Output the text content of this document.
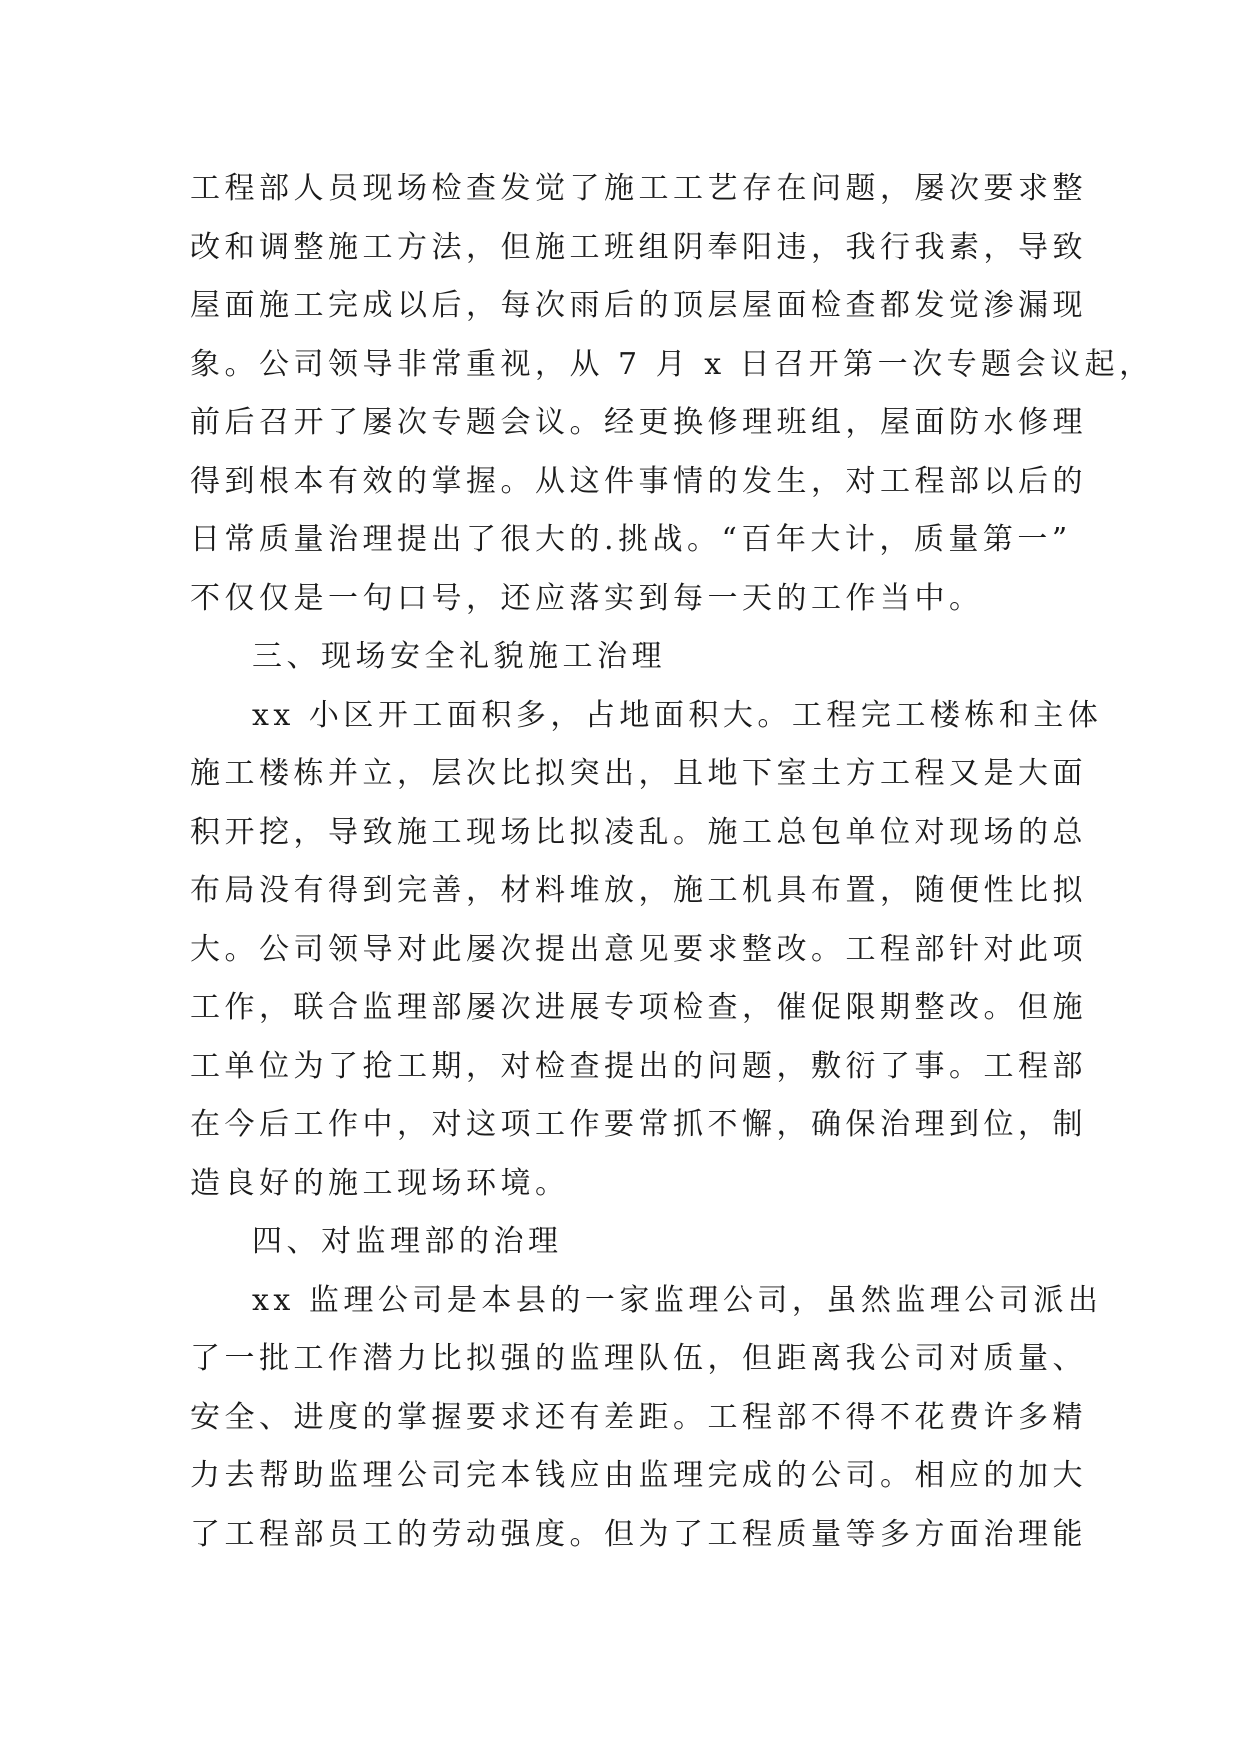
工程部人员现场检查发觉了施工工艺存在问题，屡次要求整
改和调整施工方法，但施工班组阴奉阳违，我行我素，导致
屋面施工完成以后，每次雨后的顶层屋面检查都发觉渗漏现
象。公司领导非常重视，从 7 月 x 日召开第一次专题会议起，
前后召开了屡次专题会议。经更换修理班组，屋面防水修理
得到根本有效的掌握。从这件事情的发生，对工程部以后的
日常质量治理提出了很大的.挑战。“百年大计，质量第一”
不仅仅是一句口号，还应落实到每一天的工作当中。
三、现场安全礼貌施工治理
xx 小区开工面积多，占地面积大。工程完工楼栋和主体
施工楼栋并立，层次比拟突出，且地下室土方工程又是大面
积开挖，导致施工现场比拟凌乱。施工总包单位对现场的总
布局没有得到完善，材料堆放，施工机具布置，随便性比拟
大。公司领导对此屡次提出意见要求整改。工程部针对此项
工作，联合监理部屡次进展专项检查，催促限期整改。但施
工单位为了抢工期，对检查提出的问题，敷衍了事。工程部
在今后工作中，对这项工作要常抓不懈，确保治理到位，制
造良好的施工现场环境。
四、对监理部的治理
xx 监理公司是本县的一家监理公司，虽然监理公司派出
了一批工作潜力比拟强的监理队伍，但距离我公司对质量、
安全、进度的掌握要求还有差距。工程部不得不花费许多精
力去帮助监理公司完本钱应由监理完成的公司。相应的加大
了工程部员工的劳动强度。但为了工程质量等多方面治理能
